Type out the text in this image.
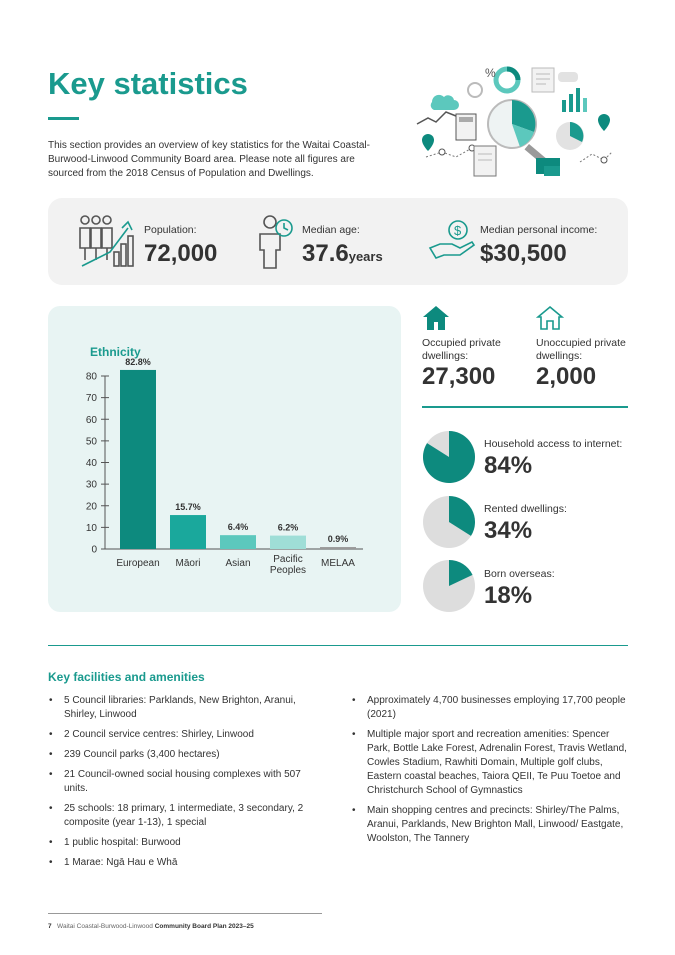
Key statistics

This section provides an overview of key statistics for the Waitai Coastal-Burwood-Linwood Community Board area. Please note all figures are sourced from the 2018 Census of Population and Dwellings.

%
Population:
72,000
Median age:
37.6years
$ Median personal income:
$30,500
Ethnicity
0
10
20
30
40
50
60
70
80
82.8%
European
15.7%
Māori
6.4%
Asian
6.2%
Pacific
Peoples
0.9%
MELAA
Occupied private dwellings:
27,300
Unoccupied private dwellings:
2,000
Household access to internet:
84%
Rented dwellings:
34%
Born overseas:
18%
Key facilities and amenities
• 5 Council libraries: Parklands, New Brighton, Aranui, Shirley, Linwood
• 2 Council service centres: Shirley, Linwood
• 239 Council parks (3,400 hectares)
• 21 Council-owned social housing complexes with 507 units.
• 25 schools: 18 primary, 1 intermediate, 3 secondary, 2 composite (year 1-13), 1 special
• 1 public hospital: Burwood
• 1 Marae: Ngā Hau e Whā
• Approximately 4,700 businesses employing 17,700 people (2021)
• Multiple major sport and recreation amenities: Spencer Park, Bottle Lake Forest, Adrenalin Forest, Travis Wetland, Cowles Stadium, Rawhiti Domain, Multiple golf clubs, Eastern coastal beaches, Taiora QEII, Te Puu Toetoe and Christchurch School of Gymnastics
• Main shopping centres and precincts: Shirley/The Palms, Aranui, Parklands, New Brighton Mall, Linwood/ Eastgate, Woolston, The Tannery
7 Waitai Coastal-Burwood-Linwood Community Board Plan 2023–25
